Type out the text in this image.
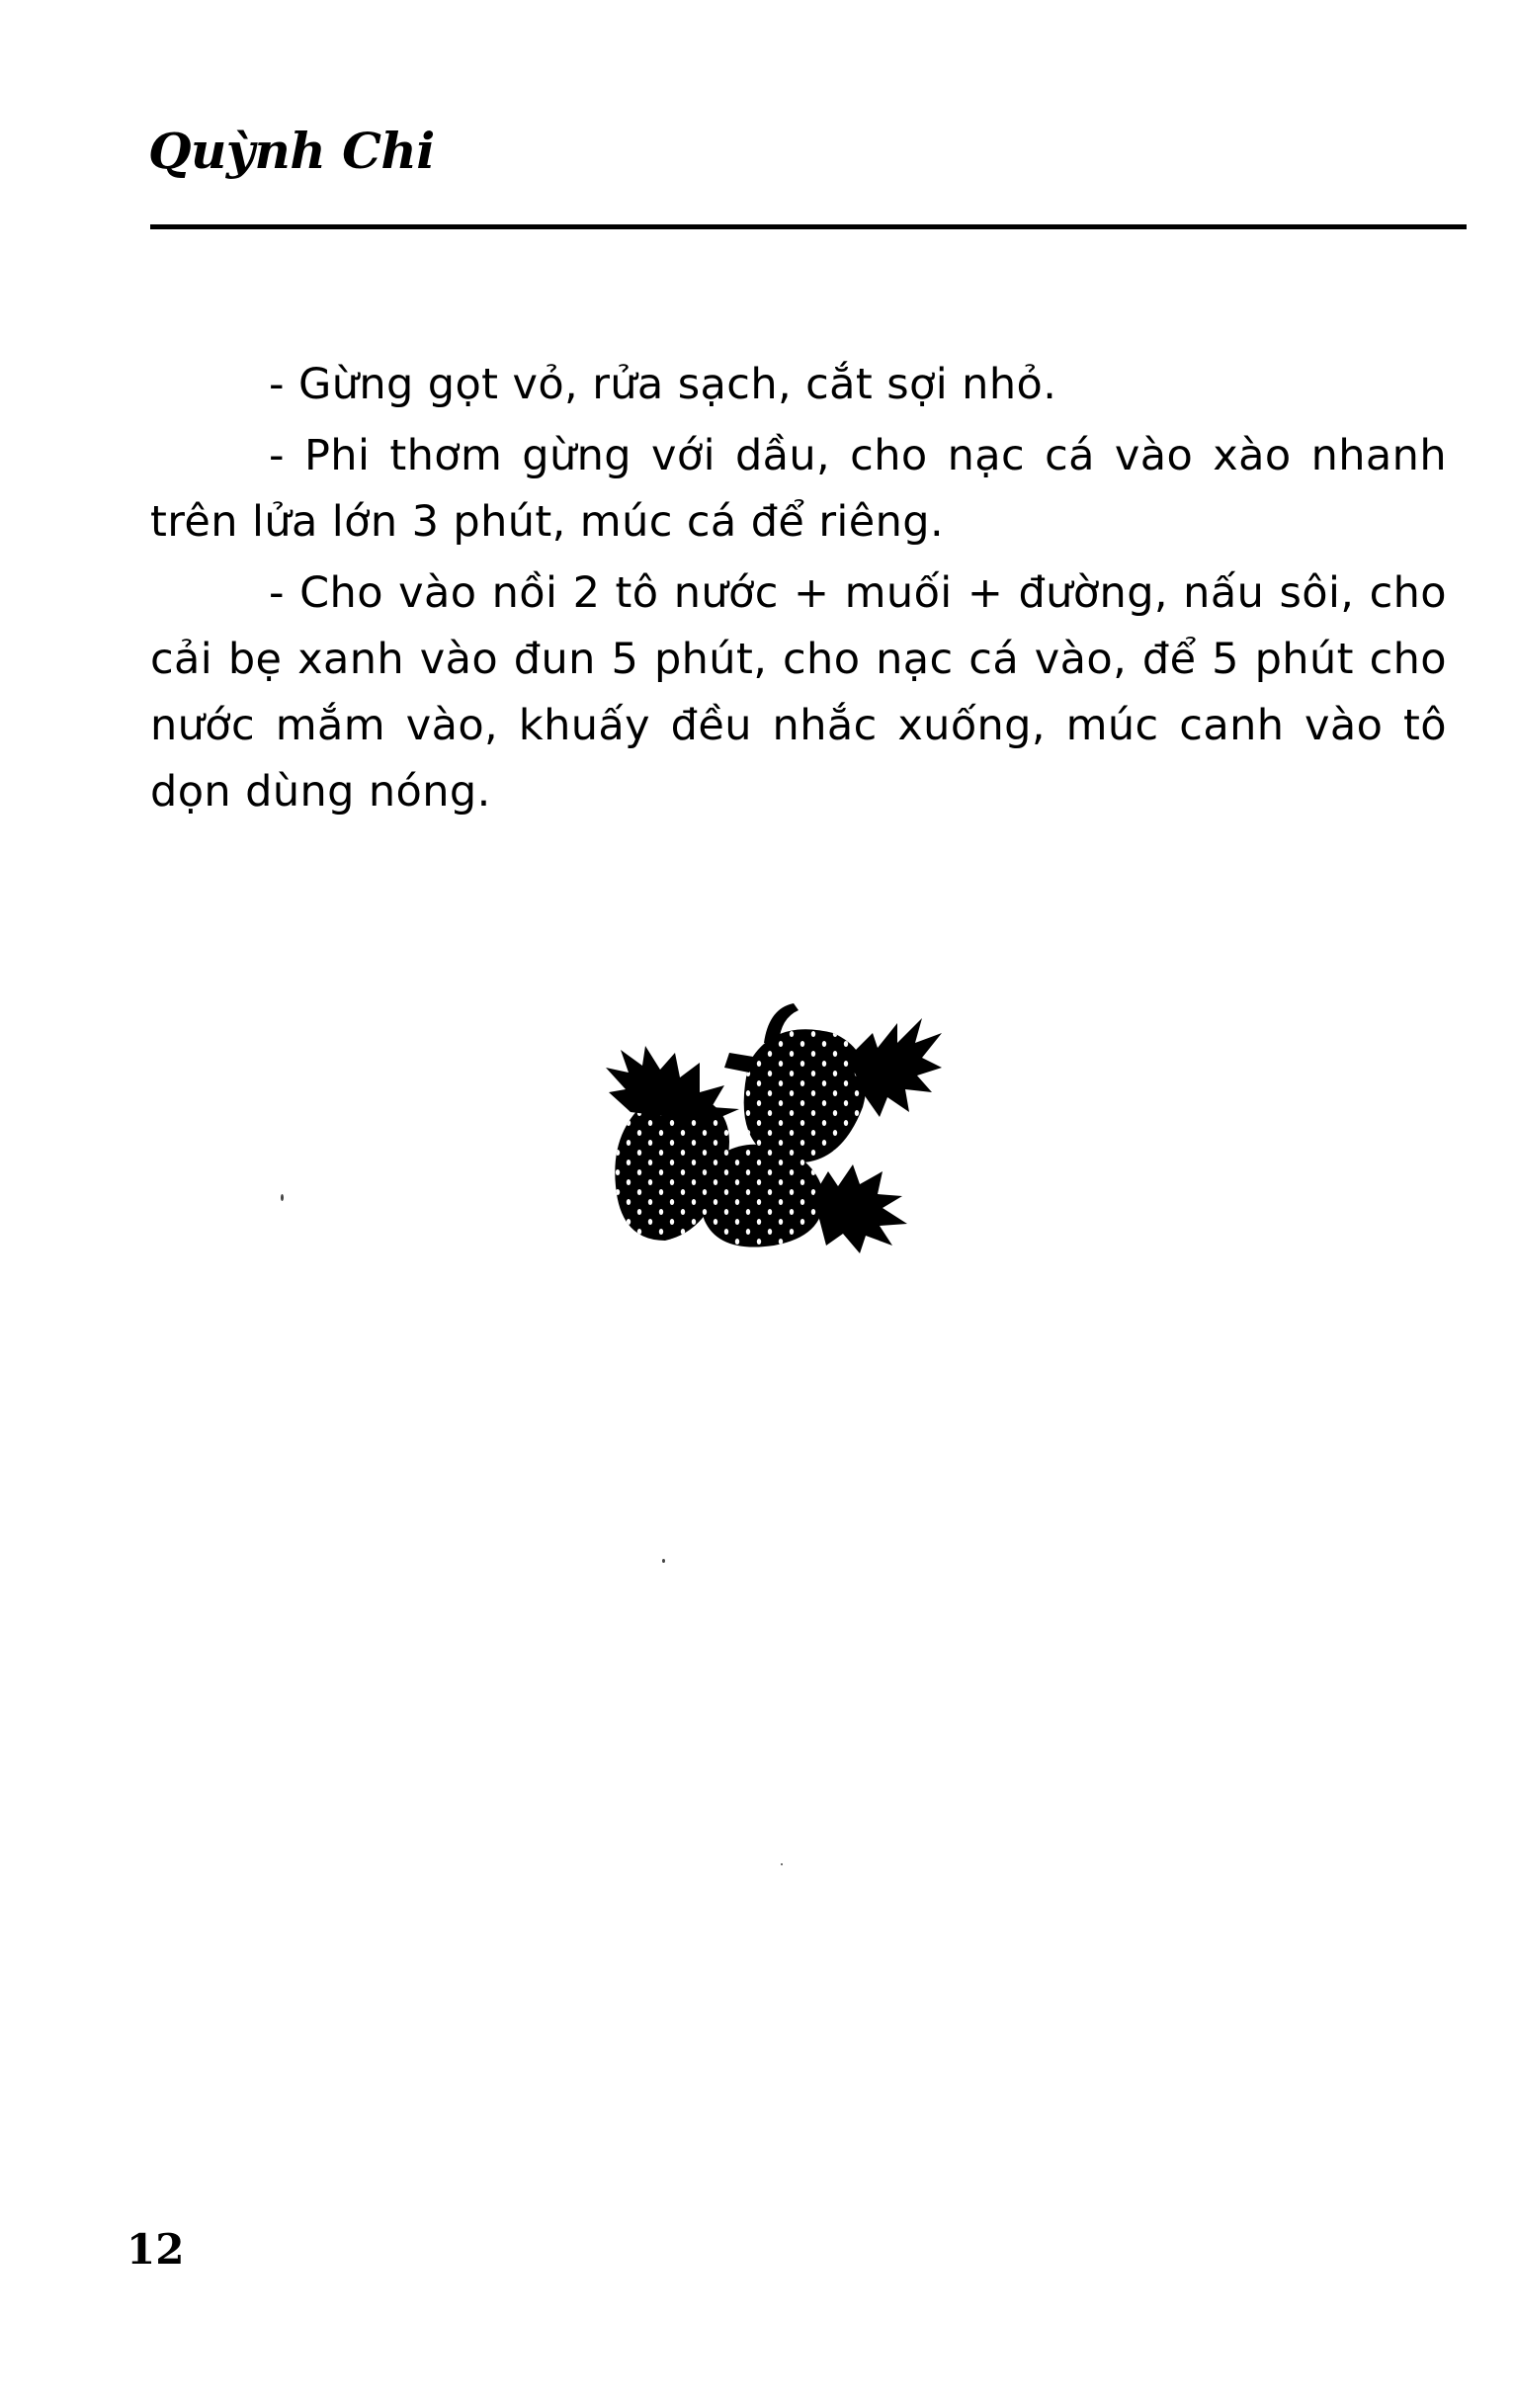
Quỳnh Chi

- Gừng gọt vỏ, rửa sạch, cắt sợi nhỏ.

- Phi thơm gừng với dầu, cho nạc cá vào xào nhanh trên lửa lớn 3 phút, múc cá để riêng.

- Cho vào nồi 2 tô nước + muối + đường, nấu sôi, cho cải bẹ xanh vào đun 5 phút, cho nạc cá vào, để 5 phút cho nước mắm vào, khuấy đều nhắc xuống, múc canh vào tô dọn dùng nóng.

12
